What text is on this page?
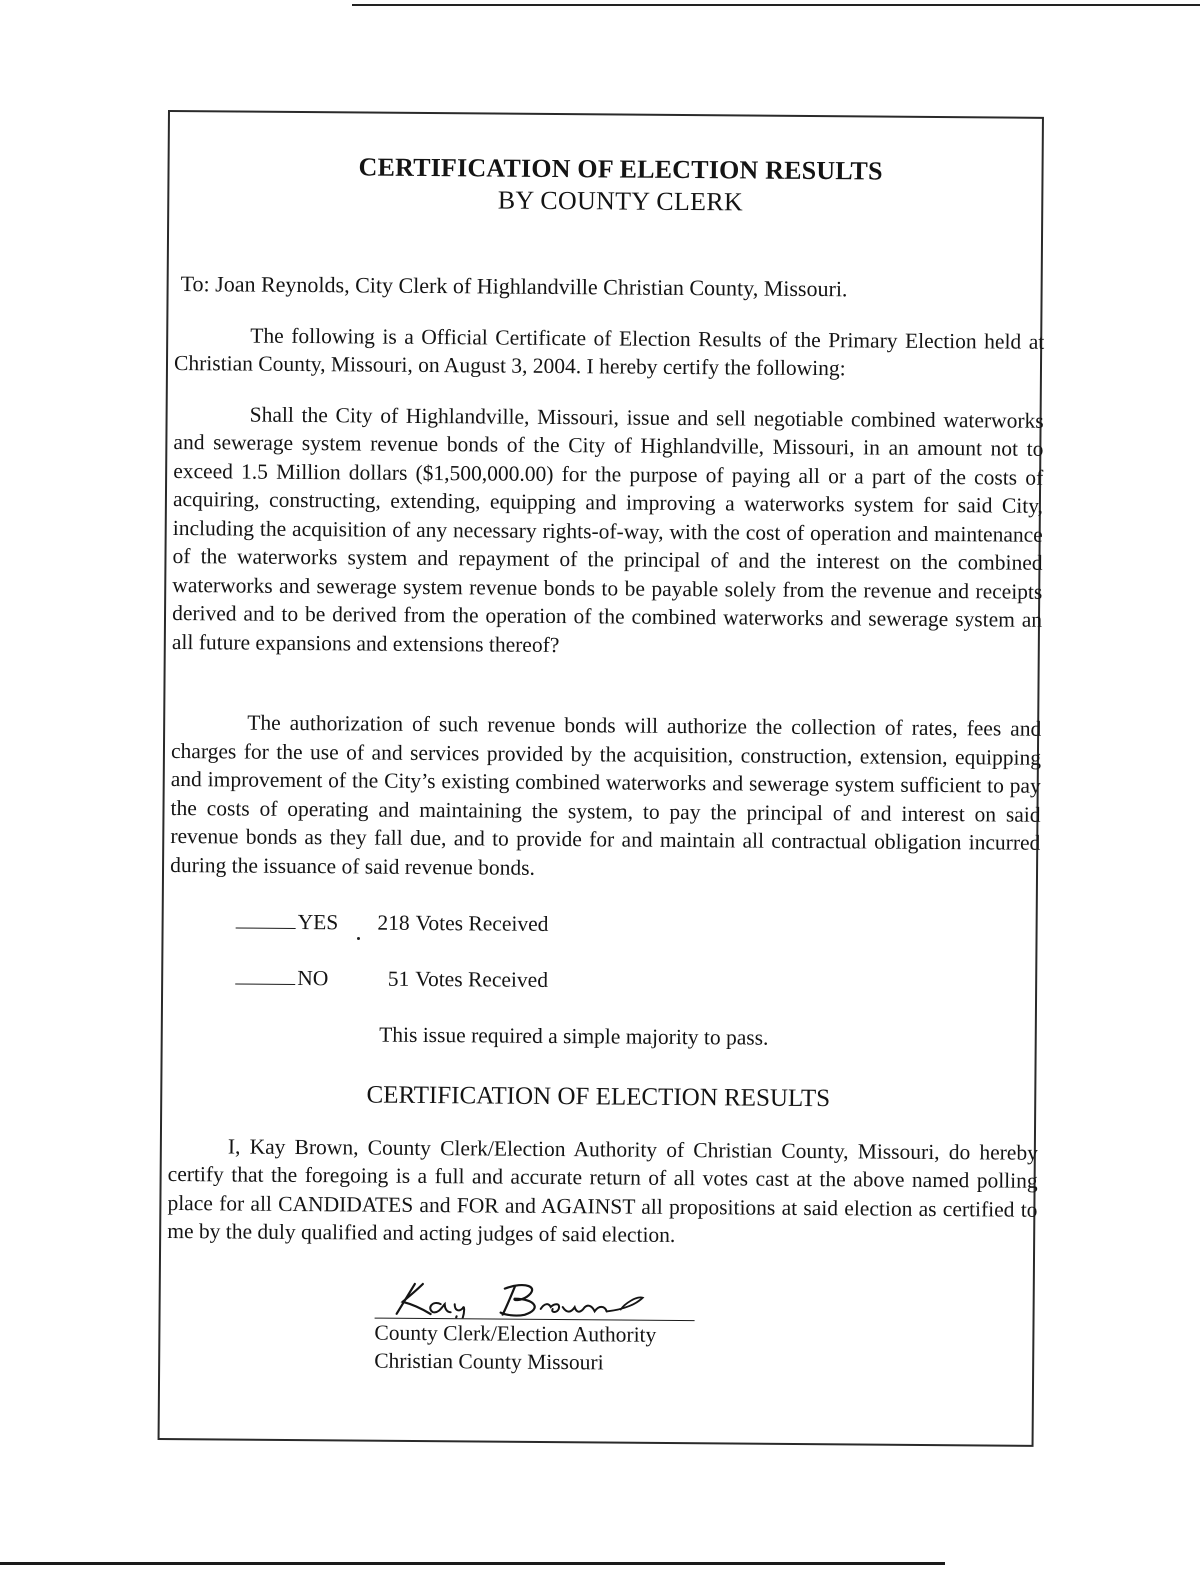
CERTIFICATION OF ELECTION RESULTS
BY COUNTY CLERK

To: Joan Reynolds, City Clerk of Highlandville Christian County, Missouri.

The following is a Official Certificate of Election Results of the Primary Election held at Christian County, Missouri, on August 3, 2004. I hereby certify the following:

Shall the City of Highlandville, Missouri, issue and sell negotiable combined waterworks and sewerage system revenue bonds of the City of Highlandville, Missouri, in an amount not to exceed 1.5 Million dollars ($1,500,000.00) for the purpose of paying all or a part of the costs of acquiring, constructing, extending, equipping and improving a waterworks system for said City, including the acquisition of any necessary rights-of-way, with the cost of operation and maintenance of the waterworks system and repayment of the principal of and the interest on the combined waterworks and sewerage system revenue bonds to be payable solely from the revenue and receipts derived and to be derived from the operation of the combined waterworks and sewerage system an all future expansions and extensions thereof?

The authorization of such revenue bonds will authorize the collection of rates, fees and charges for the use of and services provided by the acquisition, construction, extension, equipping and improvement of the City’s existing combined waterworks and sewerage system sufficient to pay the costs of operating and maintaining the system, to pay the principal of and interest on said revenue bonds as they fall due, and to provide for and maintain all contractual obligation incurred during the issuance of said revenue bonds.

YES	218 Votes Received
NO	51 Votes Received

This issue required a simple majority to pass.

CERTIFICATION OF ELECTION RESULTS

I, Kay Brown, County Clerk/Election Authority of Christian County, Missouri, do hereby certify that the foregoing is a full and accurate return of all votes cast at the above named polling place for all CANDIDATES and FOR and AGAINST all propositions at said election as certified to me by the duly qualified and acting judges of said election.

County Clerk/Election Authority
Christian County Missouri
